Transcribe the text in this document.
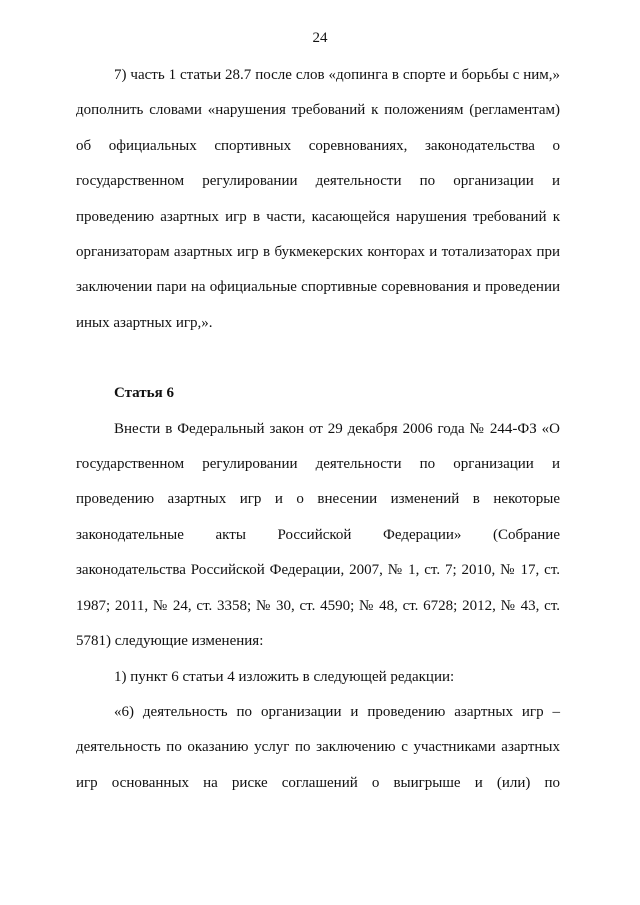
24

7) часть 1 статьи 28.7 после слов «допинга в спорте и борьбы с ним,» дополнить словами «нарушения требований к положениям (регламентам) об официальных спортивных соревнованиях, законодательства о государственном регулировании деятельности по организации и проведению азартных игр в части, касающейся нарушения требований к организаторам азартных игр в букмекерских конторах и тотализаторах при заключении пари на официальные спортивные соревнования и проведении иных азартных игр,».

Статья 6

Внести в Федеральный закон от 29 декабря 2006 года № 244-ФЗ «О государственном регулировании деятельности по организации и проведению азартных игр и о внесении изменений в некоторые законодательные акты Российской Федерации» (Собрание законодательства Российской Федерации, 2007, № 1, ст. 7; 2010, № 17, ст. 1987; 2011, № 24, ст. 3358; № 30, ст. 4590; № 48, ст. 6728; 2012, № 43, ст. 5781) следующие изменения:

1) пункт 6 статьи 4 изложить в следующей редакции:

«6) деятельность по организации и проведению азартных игр – деятельность по оказанию услуг по заключению с участниками азартных игр основанных на риске соглашений о выигрыше и (или) по
